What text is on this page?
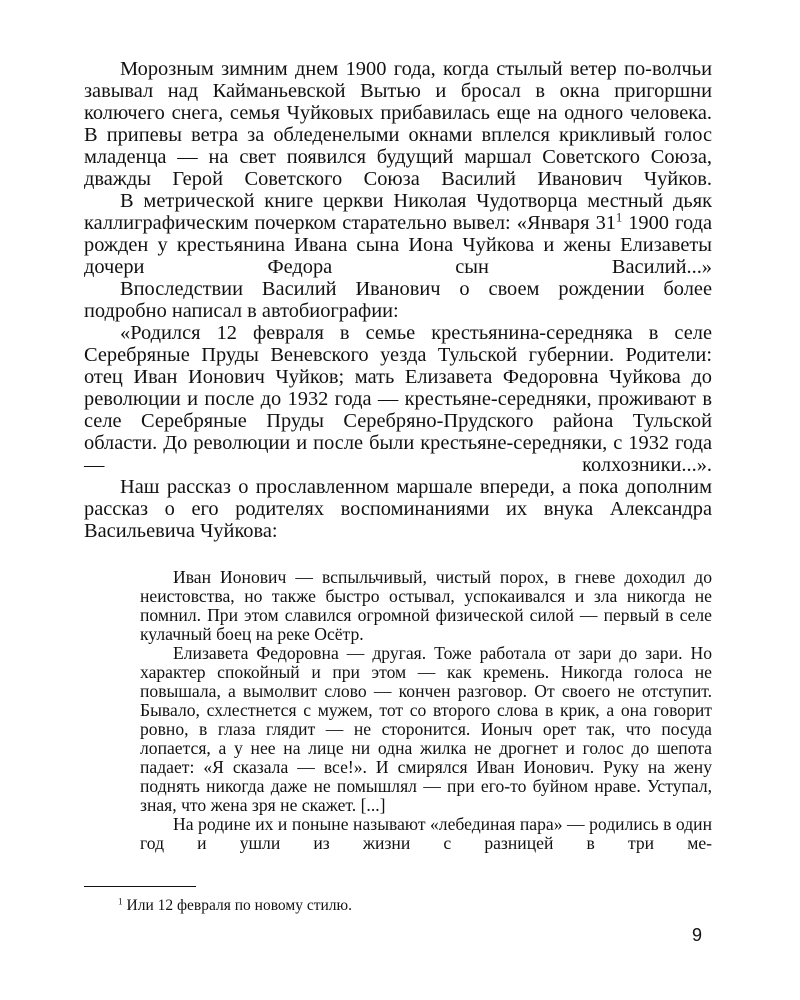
Морозным зимним днем 1900 года, когда стылый ветер по-волчьи завывал над Кайманьевской Вытью и бросал в окна пригоршни колючего снега, семья Чуйковых прибавилась еще на одного человека. В припевы ветра за обледенелыми окнами вплелся крикливый голос младенца — на свет появился будущий маршал Советского Союза, дважды Герой Советского Союза Василий Иванович Чуйков.

В метрической книге церкви Николая Чудотворца местный дьяк каллиграфическим почерком старательно вывел: «Января $31^1$ 1900 года рожден у крестьянина Ивана сына Иона Чуйкова и жены Елизаветы дочери Федора сын Василий...»

Впоследствии Василий Иванович о своем рождении более подробно написал в автобиографии:

«Родился 12 февраля в семье крестьянина-середняка в селе Серебряные Пруды Веневского уезда Тульской губернии. Родители: отец Иван Ионович Чуйков; мать Елизавета Федоровна Чуйкова до революции и после до 1932 года — крестьяне-середняки, проживают в селе Серебряные Пруды Серебряно-Прудского района Тульской области. До революции и после были крестьяне-середняки, с 1932 года — колхозники...».

Наш рассказ о прославленном маршале впереди, а пока дополним рассказ о его родителях воспоминаниями их внука Александра Васильевича Чуйкова:

Иван Ионович — вспыльчивый, чистый порох, в гневе доходил до неистовства, но также быстро остывал, успокаивался и зла никогда не помнил. При этом славился огромной физической силой — первый в селе кулачный боец на реке Осётр.

Елизавета Федоровна — другая. Тоже работала от зари до зари. Но характер спокойный и при этом — как кремень. Никогда голоса не повышала, а вымолвит слово — кончен разговор. От своего не отступит. Бывало, схлестнется с мужем, тот со второго слова в крик, а она говорит ровно, в глаза глядит — не сторонится. Ионыч орет так, что посуда лопается, а у нее на лице ни одна жилка не дрогнет и голос до шепота падает: «Я сказала — все!». И смирялся Иван Ионович. Руку на жену поднять никогда даже не помышлял — при его-то буйном нраве. Уступал, зная, что жена зря не скажет. [...]

На родине их и поныне называют «лебединая пара» — родились в один год и ушли из жизни с разницей в три ме-

$^1$ Или 12 февраля по новому стилю.
9
